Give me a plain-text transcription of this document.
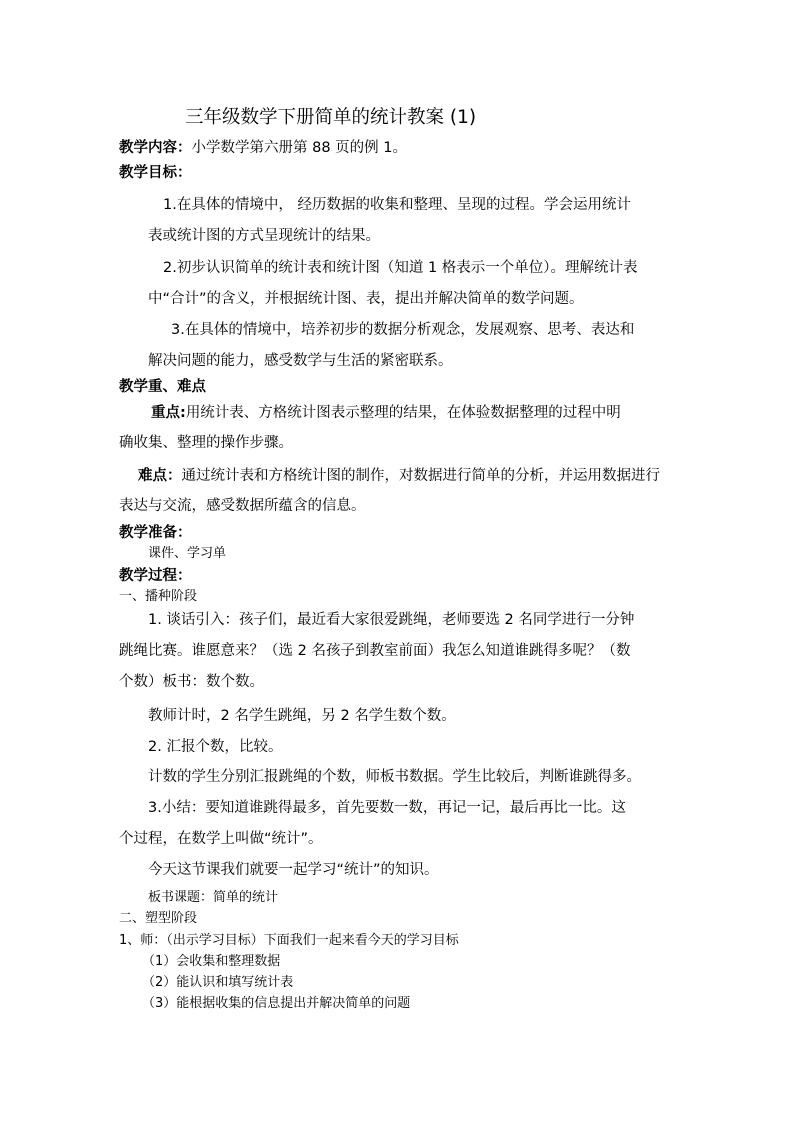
三年级数学下册简单的统计教案 (1)
教学内容：小学数学第六册第 88 页的例 1。
教学目标：
1.在具体的情境中， 经历数据的收集和整理、呈现的过程。学会运用统计
表或统计图的方式呈现统计的结果。
2.初步认识简单的统计表和统计图（知道 1 格表示一个单位）。理解统计表
中“合计”的含义，并根据统计图、表，提出并解决简单的数学问题。
3.在具体的情境中，培养初步的数据分析观念，发展观察、思考、表达和
解决问题的能力，感受数学与生活的紧密联系。
教学重、难点
重点:用统计表、方格统计图表示整理的结果，在体验数据整理的过程中明
确收集、整理的操作步骤。
难点：通过统计表和方格统计图的制作，对数据进行简单的分析，并运用数据进行
表达与交流，感受数据所蕴含的信息。
教学准备：
课件、学习单
教学过程：
一、播种阶段
1. 谈话引入：孩子们，最近看大家很爱跳绳，老师要选 2 名同学进行一分钟
跳绳比赛。谁愿意来？（选 2 名孩子到教室前面）我怎么知道谁跳得多呢？（数
个数）板书：数个数。
教师计时，2 名学生跳绳，另 2 名学生数个数。
2. 汇报个数，比较。
计数的学生分别汇报跳绳的个数，师板书数据。学生比较后，判断谁跳得多。
3.小结：要知道谁跳得最多，首先要数一数，再记一记，最后再比一比。这
个过程，在数学上叫做“统计”。
今天这节课我们就要一起学习“统计”的知识。
板书课题：简单的统计
二、塑型阶段
1、师：（出示学习目标）下面我们一起来看今天的学习目标
（1）会收集和整理数据
（2）能认识和填写统计表
（3）能根据收集的信息提出并解决简单的问题
